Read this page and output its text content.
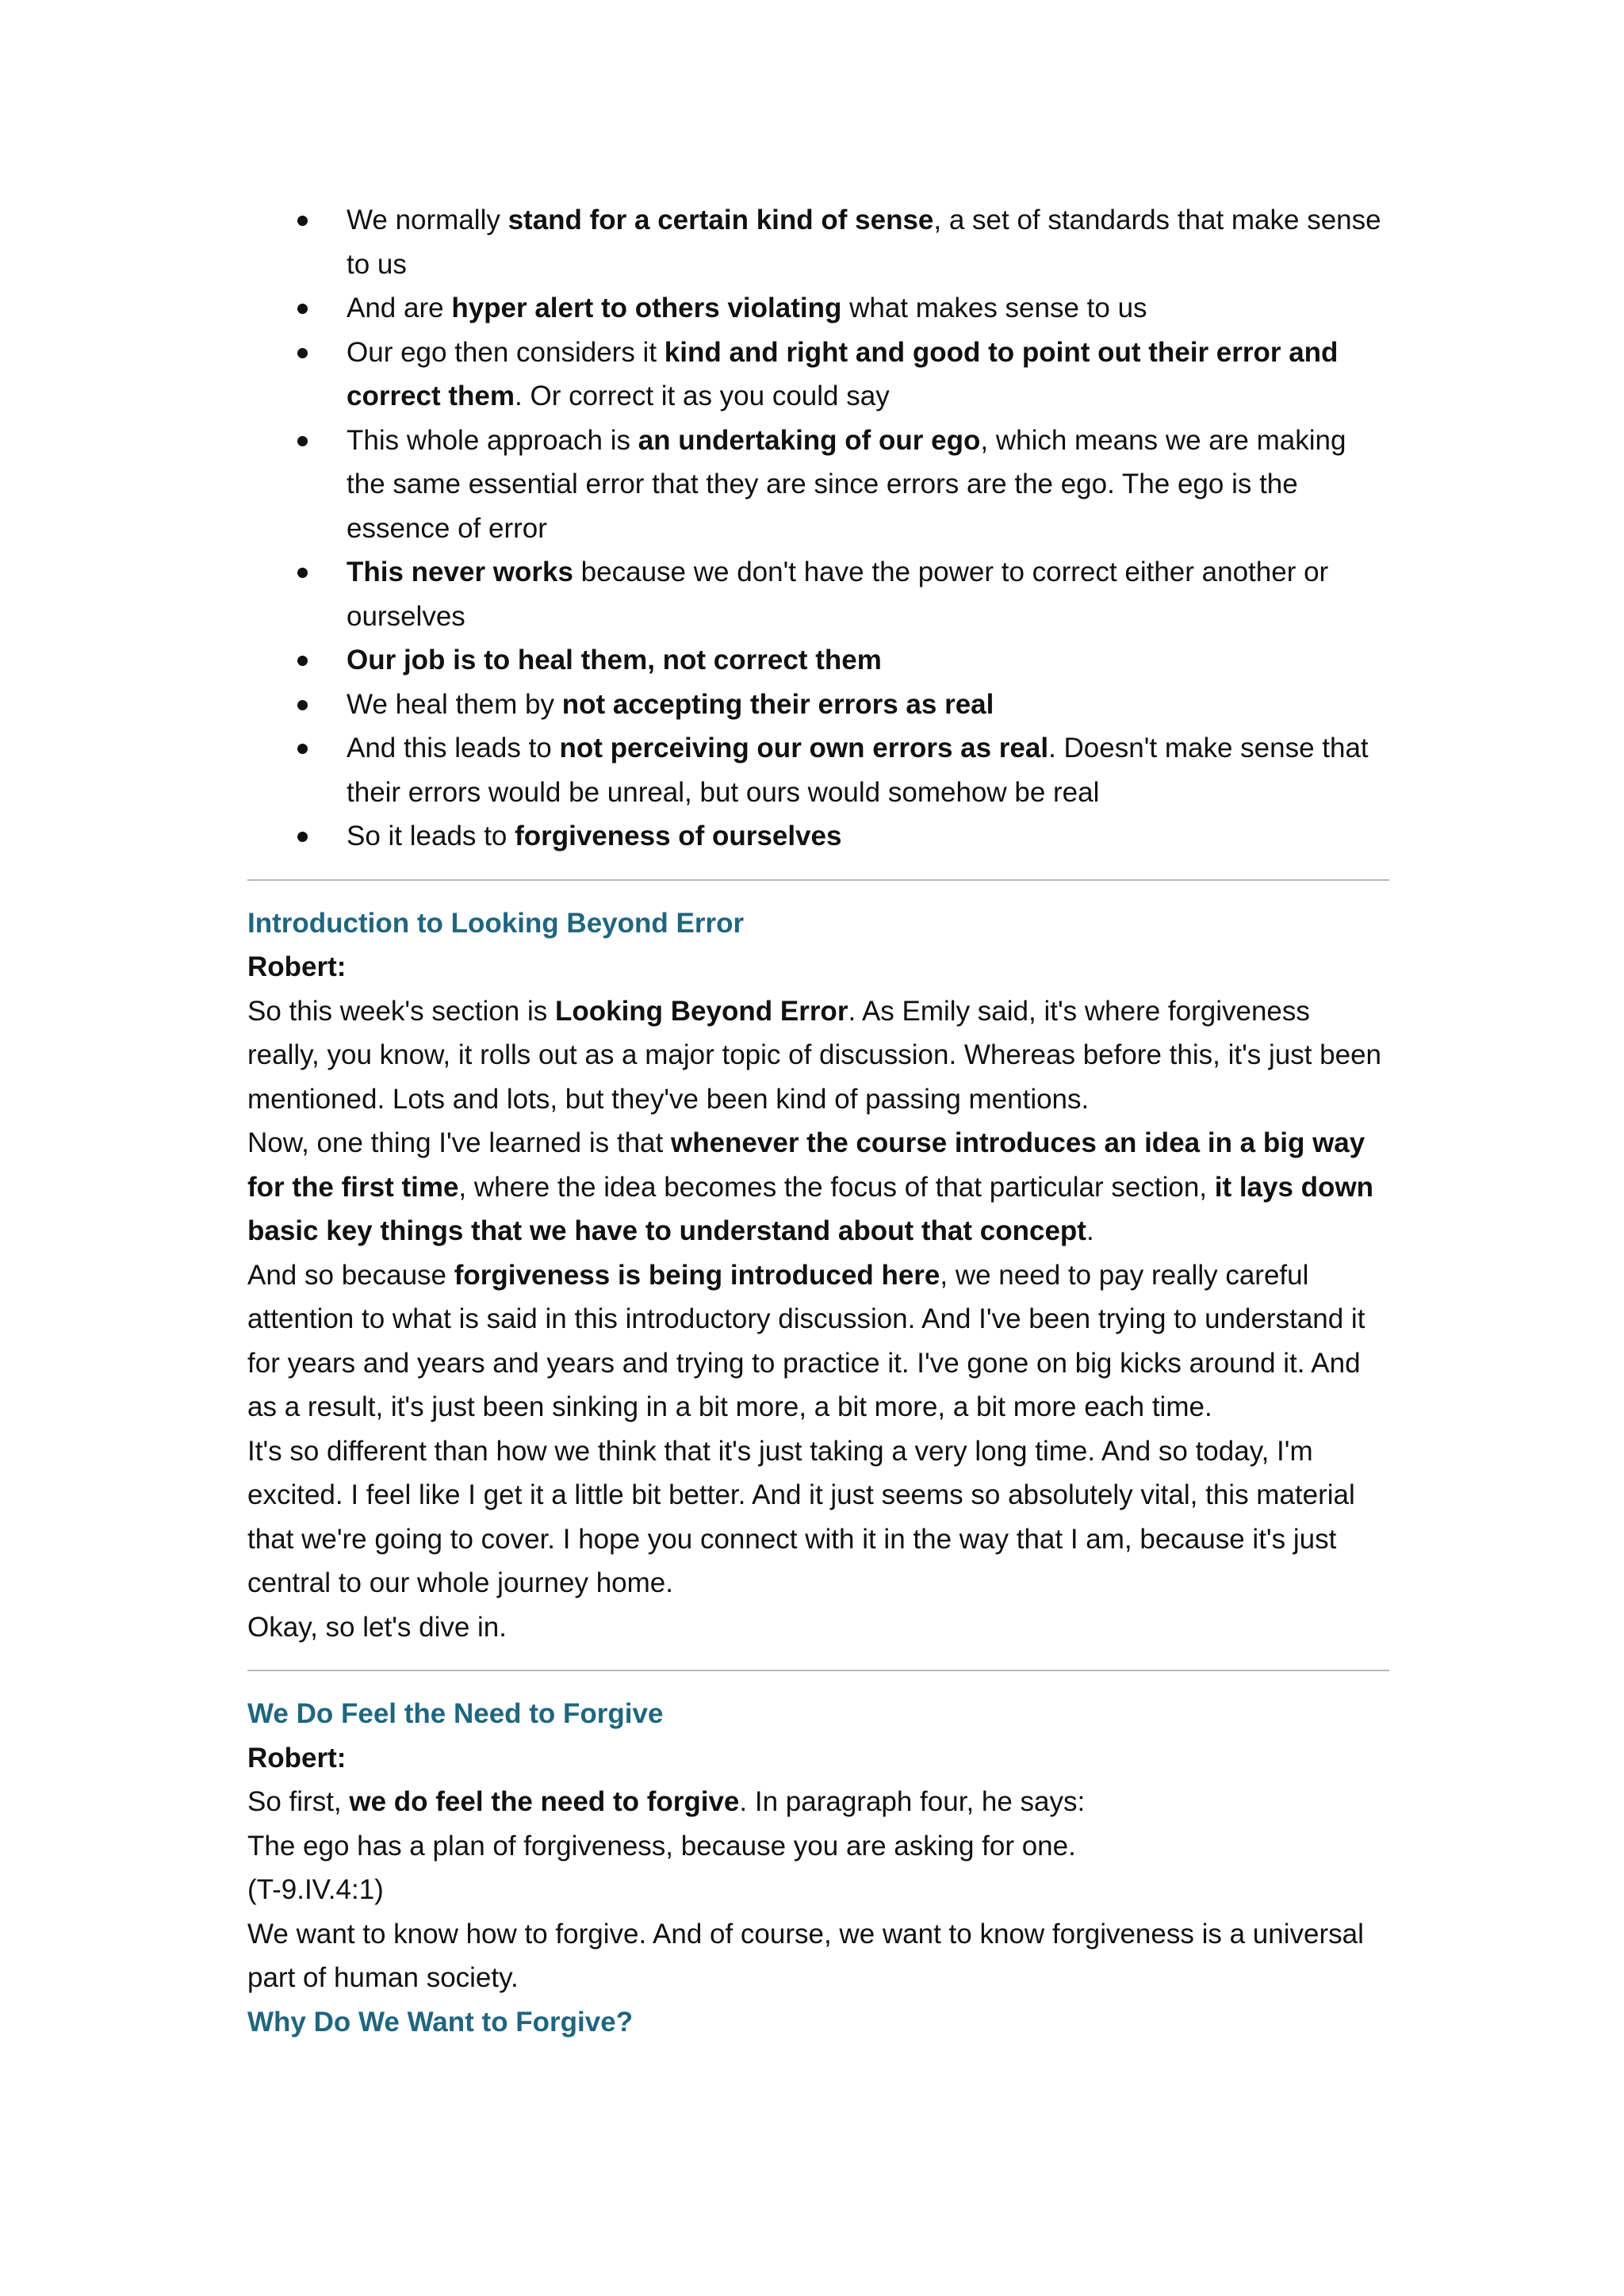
We normally stand for a certain kind of sense, a set of standards that make sense to us
And are hyper alert to others violating what makes sense to us
Our ego then considers it kind and right and good to point out their error and correct them. Or correct it as you could say
This whole approach is an undertaking of our ego, which means we are making the same essential error that they are since errors are the ego. The ego is the essence of error
This never works because we don't have the power to correct either another or ourselves
Our job is to heal them, not correct them
We heal them by not accepting their errors as real
And this leads to not perceiving our own errors as real. Doesn't make sense that their errors would be unreal, but ours would somehow be real
So it leads to forgiveness of ourselves
Introduction to Looking Beyond Error
Robert:

So this week's section is Looking Beyond Error. As Emily said, it's where forgiveness really, you know, it rolls out as a major topic of discussion. Whereas before this, it's just been mentioned. Lots and lots, but they've been kind of passing mentions.

Now, one thing I've learned is that whenever the course introduces an idea in a big way for the first time, where the idea becomes the focus of that particular section, it lays down basic key things that we have to understand about that concept.

And so because forgiveness is being introduced here, we need to pay really careful attention to what is said in this introductory discussion. And I've been trying to understand it for years and years and years and trying to practice it. I've gone on big kicks around it. And as a result, it's just been sinking in a bit more, a bit more, a bit more each time.

It's so different than how we think that it's just taking a very long time. And so today, I'm excited. I feel like I get it a little bit better. And it just seems so absolutely vital, this material that we're going to cover. I hope you connect with it in the way that I am, because it's just central to our whole journey home.

Okay, so let's dive in.

We Do Feel the Need to Forgive
Robert:

So first, we do feel the need to forgive. In paragraph four, he says:

The ego has a plan of forgiveness, because you are asking for one.

(T-9.IV.4:1)

We want to know how to forgive. And of course, we want to know forgiveness is a universal part of human society.

Why Do We Want to Forgive?
